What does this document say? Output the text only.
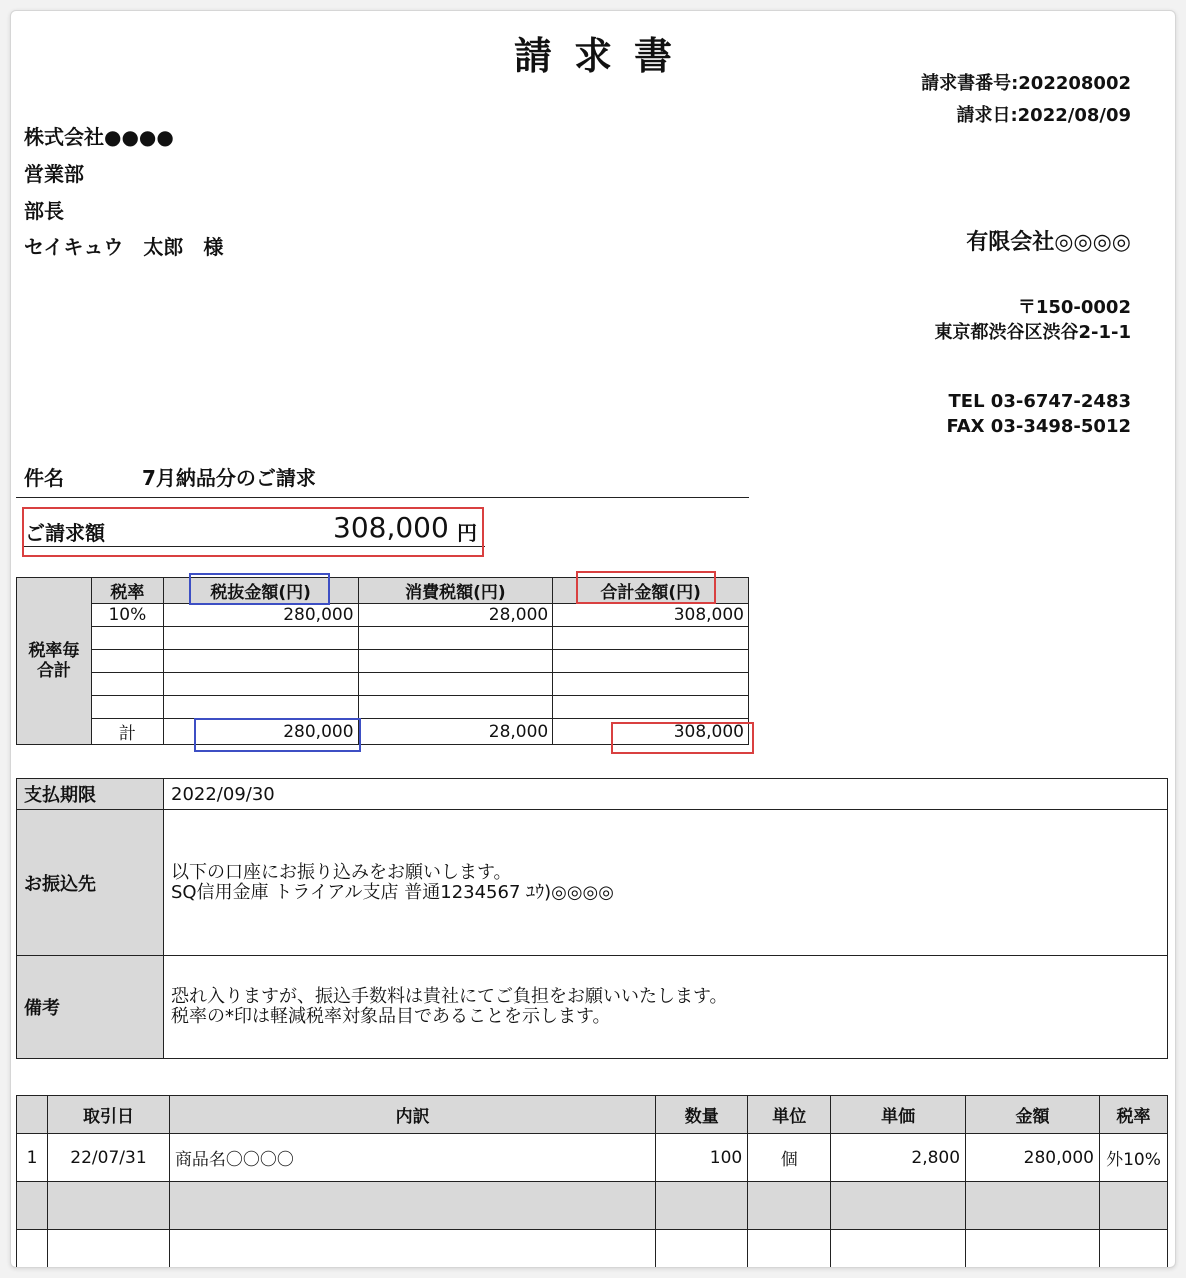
請求書
請求書番号:202208002
請求日:2022/08/09
株式会社●●●●
営業部
部長
セイキュウ　太郎　様	有限会社◎◎◎◎
〒150-0002
東京都渋谷区渋谷2-1-1
TEL 03-6747-2483
FAX 03-3498-5012
件名	7月納品分のご請求
ご請求額	308,000 円
税率毎
合計	税率	税抜金額(円)	消費税額(円)	合計金額(円)
	10%	280,000	28,000	308,000

	計	280,000	28,000	308,000
支払期限	2022/09/30
お振込先	以下の口座にお振り込みをお願いします。
SQ信用金庫 トライアル支店 普通1234567 ﾕｳ)◎◎◎◎

備考	恐れ入りますが、振込手数料は貴社にてご負担をお願いいたします。
税率の*印は軽減税率対象品目であることを示します。
	取引日	内訳	数量	単位	単価	金額	税率
1	22/07/31	商品名〇〇〇〇	100	個	2,800	280,000	外10%
